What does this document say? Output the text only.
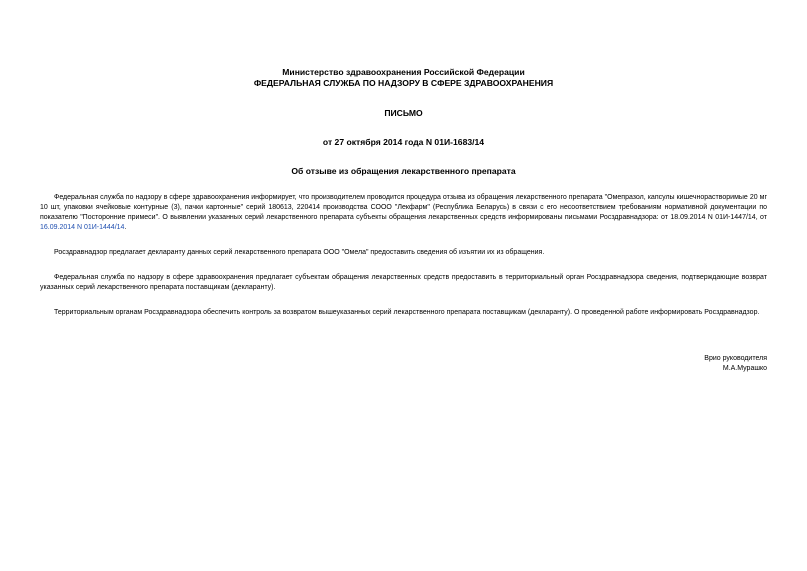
Министерство здравоохранения Российской Федерации
ФЕДЕРАЛЬНАЯ СЛУЖБА ПО НАДЗОРУ В СФЕРЕ ЗДРАВООХРАНЕНИЯ
ПИСЬМО
от 27 октября 2014 года N 01И-1683/14
Об отзыве из обращения лекарственного препарата

Федеральная служба по надзору в сфере здравоохранения информирует, что производителем проводится процедура отзыва из обращения лекарственного препарата "Омепразол, капсулы кишечнорастворимые 20 мг 10 шт, упаковки ячейковые контурные (3), пачки картонные" серий 180613, 220414 производства СООО "Лекфарм" (Республика Беларусь) в связи с его несоответствием требованиям нормативной документации по показателю "Посторонние примеси". О выявлении указанных серий лекарственного препарата субъекты обращения лекарственных средств информированы письмами Росздравнадзора: от 18.09.2014 N 01И-1447/14, от 16.09.2014 N 01И-1444/14.

Росздравнадзор предлагает декларанту данных серий лекарственного препарата ООО "Омела" предоставить сведения об изъятии их из обращения.

Федеральная служба по надзору в сфере здравоохранения предлагает субъектам обращения лекарственных средств предоставить в территориальный орган Росздравнадзора сведения, подтверждающие возврат указанных серий лекарственного препарата поставщикам (декларанту).

Территориальным органам Росздравнадзора обеспечить контроль за возвратом вышеуказанных серий лекарственного препарата поставщикам (декларанту). О проведенной работе информировать Росздравнадзор.

Врио руководителя
М.А.Мурашко
